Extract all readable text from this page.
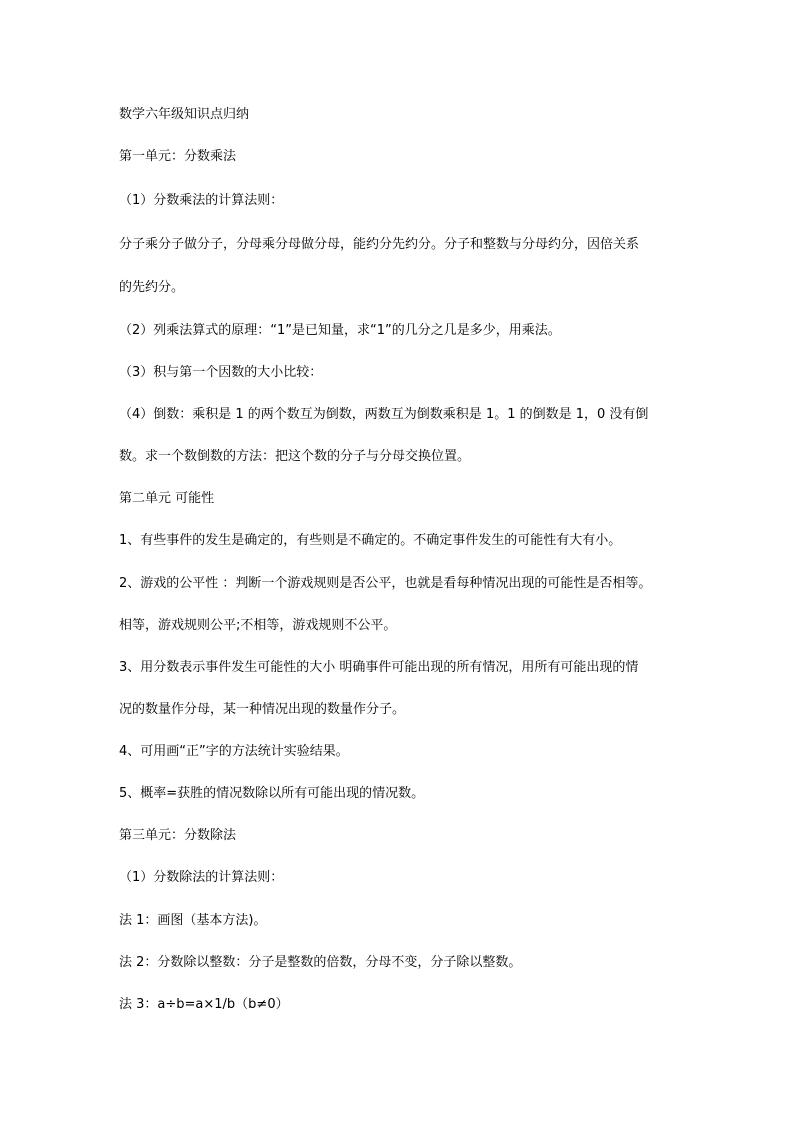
数学六年级知识点归纳
第一单元：分数乘法
（1）分数乘法的计算法则：
分子乘分子做分子，分母乘分母做分母，能约分先约分。分子和整数与分母约分，因倍关系
的先约分。
（2）列乘法算式的原理：“1”是已知量，求“1”的几分之几是多少，用乘法。
（3）积与第一个因数的大小比较：
（4）倒数：乘积是 1 的两个数互为倒数，两数互为倒数乘积是 1。1 的倒数是 1，0 没有倒
数。求一个数倒数的方法：把这个数的分子与分母交换位置。
第二单元 可能性
1、有些事件的发生是确定的，有些则是不确定的。不确定事件发生的可能性有大有小。
2、游戏的公平性 ：判断一个游戏规则是否公平，也就是看每种情况出现的可能性是否相等。
相等，游戏规则公平;不相等，游戏规则不公平。
3、用分数表示事件发生可能性的大小 明确事件可能出现的所有情况，用所有可能出现的情
况的数量作分母，某一种情况出现的数量作分子。
4、可用画“正”字的方法统计实验结果。
5、概率=获胜的情况数除以所有可能出现的情况数。
第三单元：分数除法
（1）分数除法的计算法则：
法 1：画图（基本方法)。
法 2：分数除以整数：分子是整数的倍数，分母不变，分子除以整数。
法 3：a÷b=a×1/b（b≠0）
